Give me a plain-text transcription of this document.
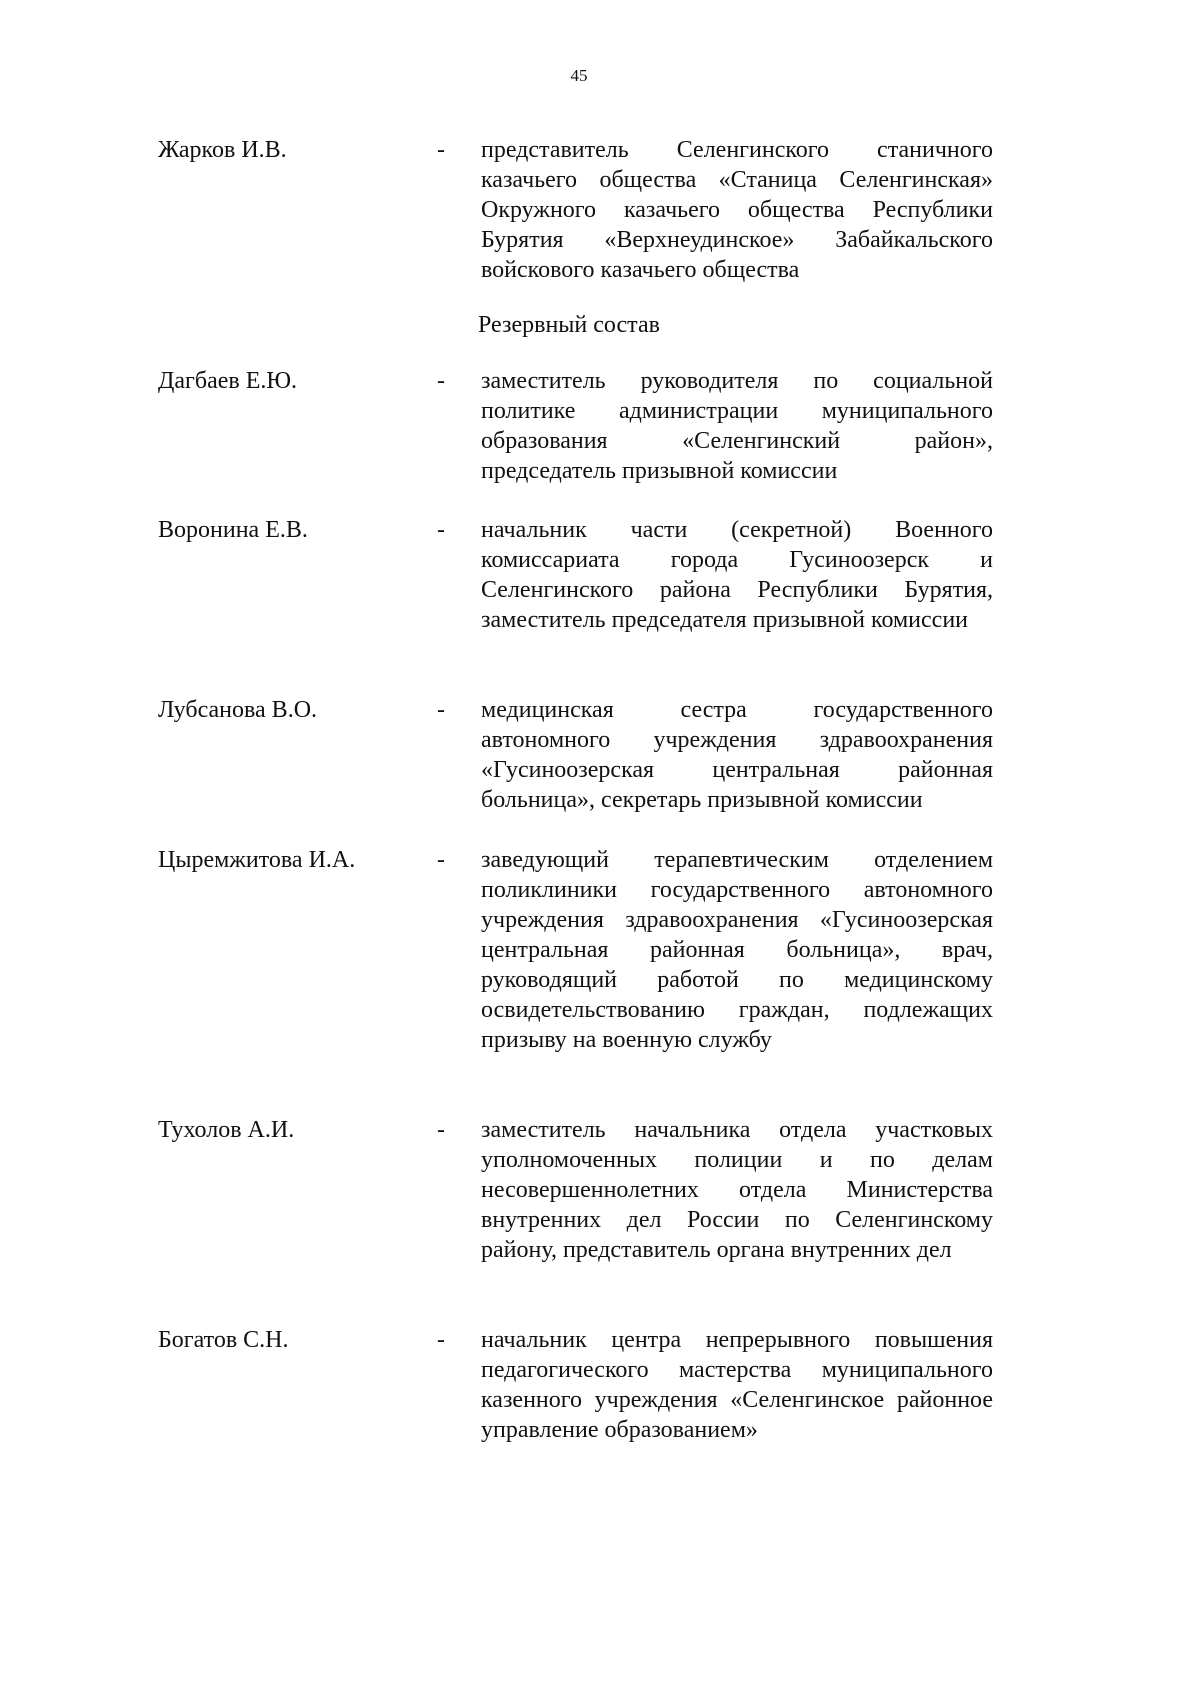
45
Жарков И.В.	- представитель Селенгинского станичного казачьего общества «Станица Селенгинская» Окружного казачьего общества Республики Бурятия «Верхнеудинское» Забайкальского войскового казачьего общества
Резервный состав
Дагбаев Е.Ю.	- заместитель руководителя по социальной политике администрации муниципального образования «Селенгинский район», председатель призывной комиссии
Воронина Е.В.	- начальник части (секретной) Военного комиссариата города Гусиноозерск и Селенгинского района Республики Бурятия, заместитель председателя призывной комиссии
Лубсанова В.О.	- медицинская сестра государственного автономного учреждения здравоохранения «Гусиноозерская центральная районная больница», секретарь призывной комиссии
Цыремжитова И.А.	- заведующий терапевтическим отделением поликлиники государственного автономного учреждения здравоохранения «Гусиноозерская центральная районная больница», врач, руководящий работой по медицинскому освидетельствованию граждан, подлежащих призыву на военную службу
Тухолов А.И.	- заместитель начальника отдела участковых уполномоченных полиции и по делам несовершеннолетних отдела Министерства внутренних дел России по Селенгинскому району, представитель органа внутренних дел
Богатов С.Н.	- начальник центра непрерывного повышения педагогического мастерства муниципального казенного учреждения «Селенгинское районное управление образованием»
